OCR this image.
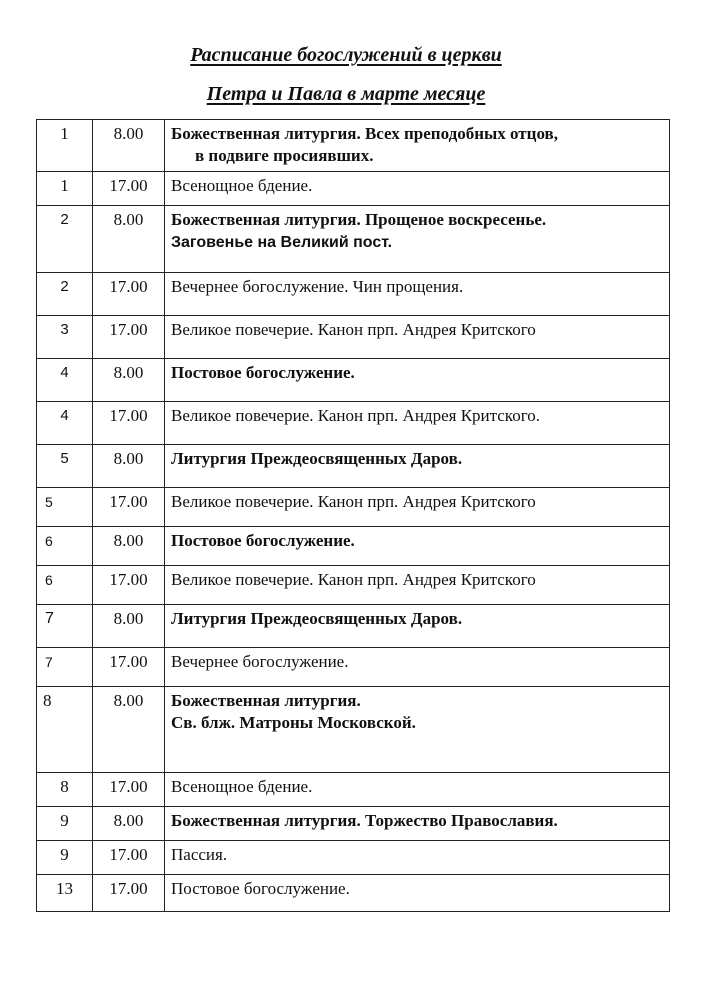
Расписание богослужений в церкви
Петра и Павла в марте месяце
1	8.00	Божественная литургия. Всех преподобных отцов,
в подвиге просиявших.

1	17.00	Всенощное бдение.

2	8.00	Божественная литургия. Прощеное воскресенье.
Заговенье на Великий пост.

2	17.00	Вечернее богослужение. Чин прощения.

3	17.00	Великое повечерие. Канон прп. Андрея Критского

4	8.00	Постовое богослужение.

4	17.00	Великое повечерие. Канон прп. Андрея Критского.

5	8.00	Литургия Преждеосвященных Даров.

5	17.00	Великое повечерие. Канон прп. Андрея Критского

6	8.00	Постовое богослужение.

6	17.00	Великое повечерие. Канон прп. Андрея Критского

7	8.00	Литургия Преждеосвященных Даров.

7	17.00	Вечернее богослужение.

8	8.00	Божественная литургия.
Св. блж. Матроны Московской.

8	17.00	Всенощное бдение.

9	8.00	Божественная литургия. Торжество Православия.

9	17.00	Пассия.

13	17.00	Постовое богослужение.
